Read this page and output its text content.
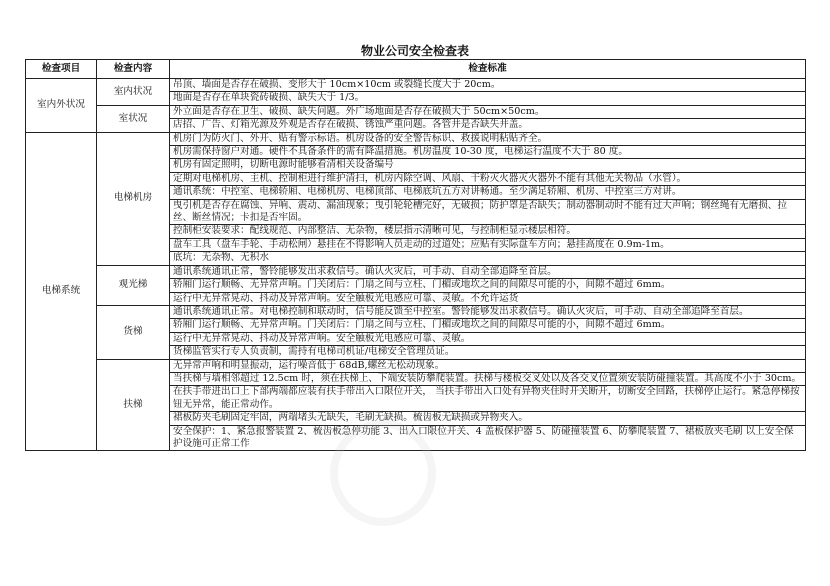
物业公司安全检查表
检查项目	检查内容	检查标准
室内外状况	室内状况	吊顶、墙面是否存在破损、变形大于 10cm×10cm 或裂缝长度大于 20cm。
		地面是否存在单块瓷砖破损、缺失大于 1/3。
	室状况	外立面是否存在卫生、破损、缺失问题。外广场地面是否存在破损大于 50cm×50cm。
		店招、广告、灯箱光源及外观是否存在破损、锈蚀严重问题。各管井是否缺失井盖。
电梯系统	电梯机房	机房门为防火门、外开、贴有警示标语。机房设备的安全警告标识、救援说明粘贴齐全。
		机房需保持窗户对通。硬件不具备条件的需有降温措施。机房温度 10-30 度，电梯运行温度不大于 80 度。
		机房有固定照明，切断电源时能够看清相关设备编号
		定期对电梯机房、主机、控制柜进行维护清扫，机房内除空调、风扇、干粉灭火器灭火器外不能有其他无关物品（水管）。
		通讯系统：中控室、电梯轿厢、电梯机房、电梯顶部、电梯底坑五方对讲畅通。至少满足轿厢、机房、中控室三方对讲。
		曳引机是否存在腐蚀、异响、震动、漏油现象；曳引轮轮槽完好，无破损；防护罩是否缺失；制动器制动时不能有过大声响；钢丝绳有无磨损、拉丝、断丝情况；卡扣是否牢固。
		控制柜安装要求：配线规范、内部整洁、无杂物，楼层指示清晰可见，与控制柜显示楼层相符。
		盘车工具（盘车手轮、手动松闸）悬挂在不得影响人员走动的过道处；应贴有实际盘车方向；悬挂高度在 0.9m-1m。
		底坑：无杂物、无积水
	观光梯	通讯系统通讯正常，警铃能够发出求救信号。确认火灾后，可手动、自动全部追降至首层。
		轿厢门运行顺畅、无异常声响。门关闭后：门扇之间与立柱、门楣或地坎之间的间隙尽可能的小，间隙不超过 6mm。
		运行中无异常晃动、抖动及异常声响。安全触板光电感应可靠、灵敏。不允许运货
	货梯	通讯系统通讯正常。对电梯控制和联动时，信号能反馈至中控室。警铃能够发出求救信号。确认火灾后，可手动、自动全部追降至首层。
		轿厢门运行顺畅、无异常声响。门关闭后：门扇之间与立柱、门楣或地坎之间的间隙尽可能的小，间隙不超过 6mm。
		运行中无异常晃动、抖动及异常声响。安全触板光电感应可靠、灵敏。
		货梯监管实行专人负责制，需持有电梯司机证/电梯安全管理员证。
	扶梯	无异常声响和明显振动，运行噪音低于 68dB,螺丝无松动现象。
		当扶梯与墙相邻超过 12.5cm 时，须在扶梯上、下端安装防攀爬装置。扶梯与楼板交叉处以及各交叉位置须安装防碰撞装置。其高度不小于 30cm。
		在扶手带进出口上下部两端都应装有扶手带出入口限位开关， 当扶手带出入口处有异物夹住时开关断开，切断安全回路，扶梯停止运行。紧急停梯按钮无异常，能正常动作。
		裙板防夹毛刷固定牢固，两端堵头无缺失，毛刷无缺损。梳齿板无缺损或异物夹入。
		安全保护：1、紧急报警装置 2、梳齿板急停功能 3、出入口限位开关、4 盖板保护器 5、防碰撞装置 6、防攀爬装置 7、裙板放夹毛刷 以上安全保护设施可正常工作
